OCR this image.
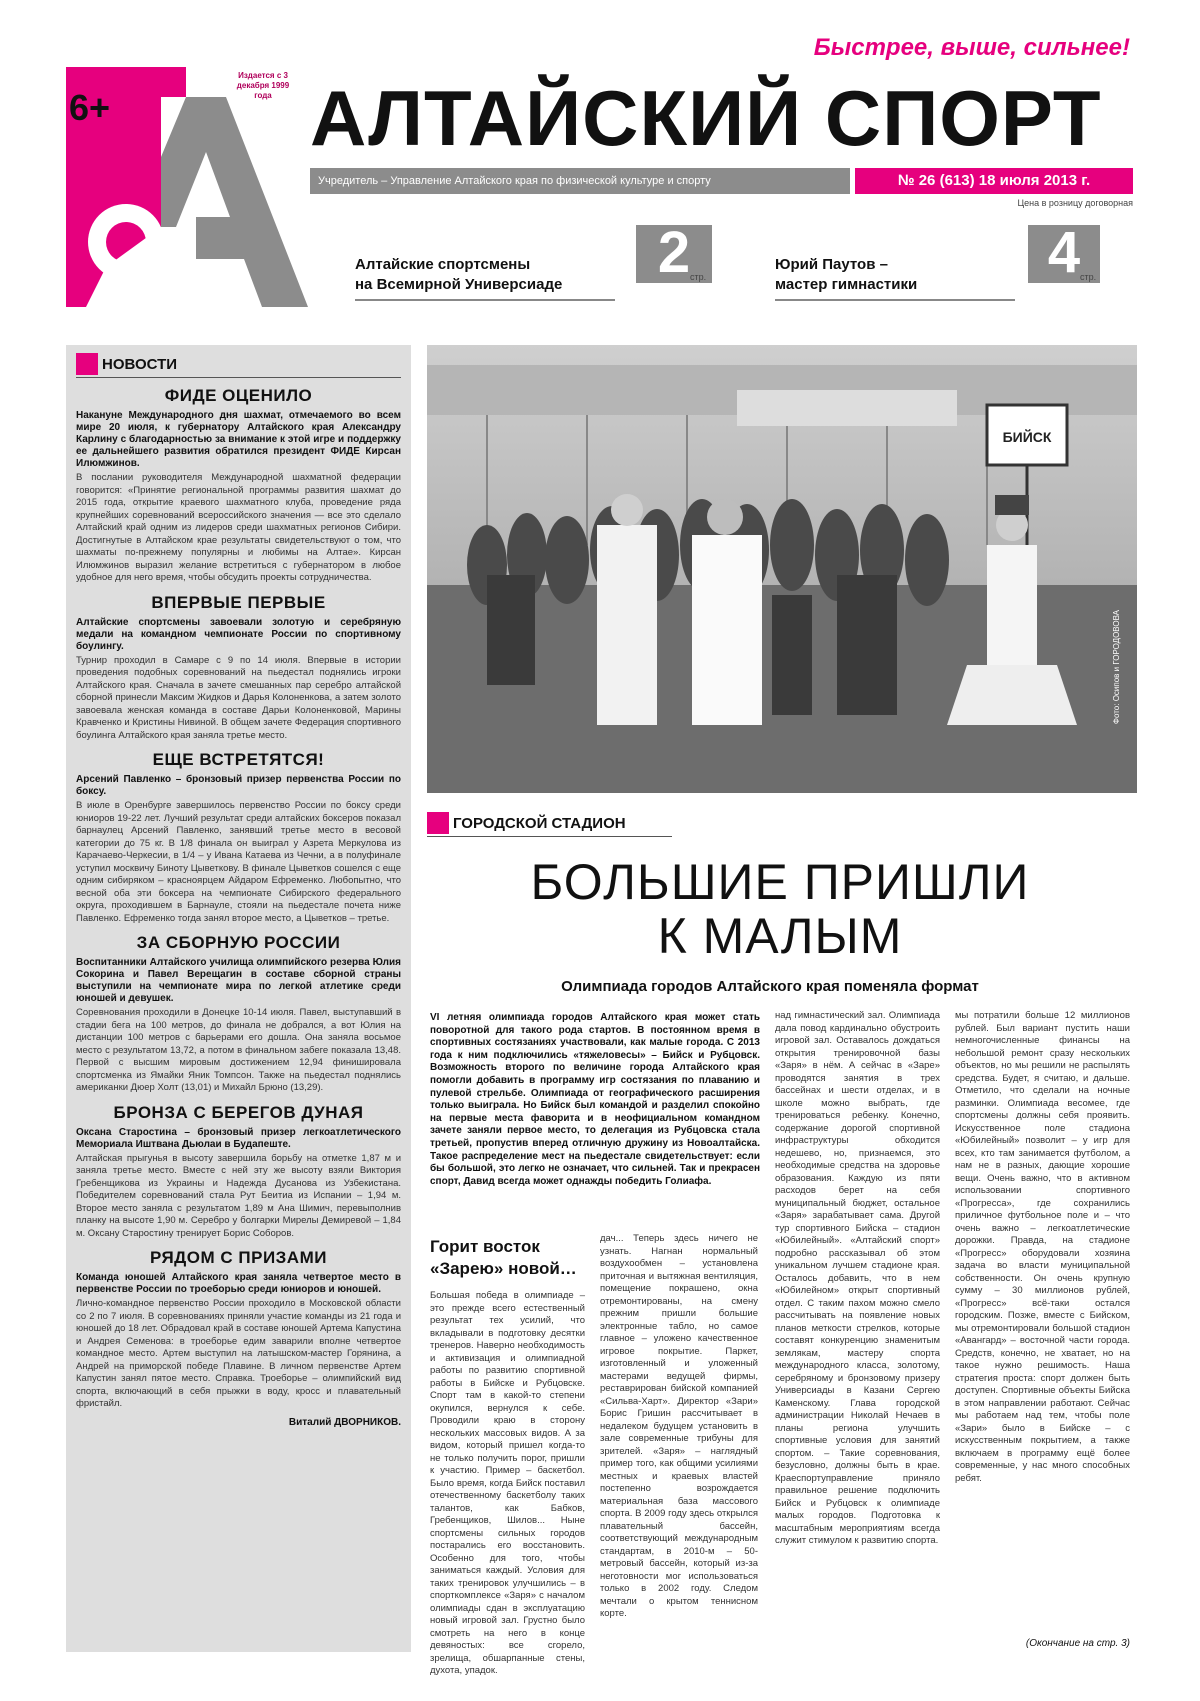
6+
Издается с 3 декабря 1999 года
Быстрее, выше, сильнее!
АЛТАЙСКИЙ СПОРТ
Учредитель – Управление Алтайского края по физической культуре и спорту	№ 26 (613) 18 июля 2013 г.
Цена в розницу договорная
Алтайские спортсмены
на Всемирной Универсиаде	2 стр.
Юрий Паутов –
мастер гимнастики	4 стр.
НОВОСТИ
ФИДЕ ОЦЕНИЛО
Накануне Международного дня шахмат, отмечаемого во всем мире 20 июля, к губернатору Алтайского края Александру Карлину с благодарностью за внимание к этой игре и поддержку ее дальнейшего развития обратился президент ФИДЕ Кирсан Илюмжинов.
В послании руководителя Международной шахматной федерации говорится: «Принятие региональной программы развития шахмат до 2015 года, открытие краевого шахматного клуба, проведение ряда крупнейших соревнований всероссийского значения — все это сделало Алтайский край одним из лидеров среди шахматных регионов Сибири. Достигнутые в Алтайском крае результаты свидетельствуют о том, что шахматы по-прежнему популярны и любимы на Алтае». Кирсан Илюмжинов выразил желание встретиться с губернатором в любое удобное для него время, чтобы обсудить проекты сотрудничества.
ВПЕРВЫЕ ПЕРВЫЕ
Алтайские спортсмены завоевали золотую и серебряную медали на командном чемпионате России по спортивному боулингу.
Турнир проходил в Самаре с 9 по 14 июля. Впервые в истории проведения подобных соревнований на пьедестал поднялись игроки Алтайского края. Сначала в зачете смешанных пар серебро алтайской сборной принесли Максим Жидков и Дарья Колоненкова, а затем золото завоевала женская команда в составе Дарьи Колоненковой, Марины Кравченко и Кристины Нивиной. В общем зачете Федерация спортивного боулинга Алтайского края заняла третье место.
ЕЩЕ ВСТРЕТЯТСЯ!
Арсений Павленко – бронзовый призер первенства России по боксу.
В июле в Оренбурге завершилось первенство России по боксу среди юниоров 19-22 лет. Лучший результат среди алтайских боксеров показал барнаулец Арсений Павленко, занявший третье место в весовой категории до 75 кг. В 1/8 финала он выиграл у Азрета Меркулова из Карачаево-Черкесии, в 1/4 – у Ивана Катаева из Чечни, а в полуфинале уступил москвичу Биноту Цыветкову. В финале Цыветков сошелся с еще одним сибиряком – красноярцем Айдаром Ефременко. Любопытно, что весной оба эти боксера на чемпионате Сибирского федерального округа, проходившем в Барнауле, стояли на пьедестале почета ниже Павленко. Ефременко тогда занял второе место, а Цыветков – третье.
ЗА СБОРНУЮ РОССИИ
Воспитанники Алтайского училища олимпийского резерва Юлия Сокорина и Павел Верещагин в составе сборной страны выступили на чемпионате мира по легкой атлетике среди юношей и девушек.
Соревнования проходили в Донецке 10-14 июля. Павел, выступавший в стадии бега на 100 метров, до финала не добрался, а вот Юлия на дистанции 100 метров с барьерами его дошла. Она заняла восьмое место с результатом 13,72, а потом в финальном забеге показала 13,48. Первой с высшим мировым достижением 12,94 финишировала спортсменка из Ямайки Яник Томпсон. Также на пьедестал поднялись американки Дюер Холт (13,01) и Михайл Брюно (13,29).
БРОНЗА С БЕРЕГОВ ДУНАЯ
Оксана Старостина – бронзовый призер легкоатлетического Мемориала Иштвана Дьюлаи в Будапеште.
Алтайская прыгунья в высоту завершила борьбу на отметке 1,87 м и заняла третье место. Вместе с ней эту же высоту взяли Виктория Гребенщикова из Украины и Надежда Дусанова из Узбекистана. Победителем соревнований стала Рут Беитиа из Испании – 1,94 м. Второе место заняла с результатом 1,89 м Ана Шимич, перевыполнив планку на высоте 1,90 м. Серебро у болгарки Мирелы Демиревой – 1,84 м. Оксану Старостину тренирует Борис Соборов.
РЯДОМ С ПРИЗАМИ
Команда юношей Алтайского края заняла четвертое место в первенстве России по троеборью среди юниоров и юношей.
Лично-командное первенство России проходило в Московской области со 2 по 7 июля. В соревнованиях приняли участие команды из 21 года и юношей до 18 лет. Обрадовал край в составе юношей Артема Капустина и Андрея Семенова: в троеборье едим заварили вполне четвертое командное место. Артем выступил на латышском-мастер Горянина, а Андрей на приморской победе Плавине. В личном первенстве Артем Капустин занял пятое место. Справка. Троеборье – олимпийский вид спорта, включающий в себя прыжки в воду, кросс и плавательный фристайл.
Виталий ДВОРНИКОВ.
БИЙСК
Фото: Осипов и ГОРОДОВОВА
ГОРОДСКОЙ СТАДИОН
БОЛЬШИЕ ПРИШЛИ
К МАЛЫМ
Олимпиада городов Алтайского края поменяла формат
VI летняя олимпиада городов Алтайского края может стать поворотной для такого рода стартов. В постоянном время в спортивных состязаниях участвовали, как малые города. С 2013 года к ним подключились «тяжеловесы» – Бийск и Рубцовск. Возможность второго по величине города Алтайского края помогли добавить в программу игр состязания по плаванию и пулевой стрельбе. Олимпиада от географического расширения только выиграла. Но Бийск был командой и разделил спокойно на первые места фаворита и в неофициальном командном зачете заняли первое место, то делегация из Рубцовска стала третьей, пропустив вперед отличную дружину из Новоалтайска. Такое распределение мест на пьедестале свидетельствует: если бы большой, это легко не означает, что сильней. Так и прекрасен спорт, Давид всегда может однажды победить Голиафа.
Горит восток «Зарею» новой…
Большая победа в олимпиаде – это прежде всего естественный результат тех усилий, что вкладывали в подготовку десятки тренеров. Наверно необходимость и активизация и олимпиадной работы по развитию спортивной работы в Бийске и Рубцовске. Спорт там в какой-то степени окупился, вернулся к себе. Проводили краю в сторону нескольких массовых видов. А за видом, который пришел когда-то не только получить порог, пришли к участию. Пример – баскетбол. Было время, когда Бийск поставил отечественному баскетболу таких талантов, как Бабков, Гребенщиков, Шилов... Ныне спортсмены сильных городов постарались его восстановить. Особенно для того, чтобы заниматься каждый. Условия для таких тренировок улучшились – в спорткомплексе «Заря» с началом олимпиады сдан в эксплуатацию новый игровой зал. Грустно было смотреть на него в конце девяностых: все сгорело, зрелища, обшарпанные стены, духота, упадок.
дач... Теперь здесь ничего не узнать. Нагнан нормальный воздухообмен – установлена приточная и вытяжная вентиляция, помещение покрашено, окна отремонтированы, на смену прежним пришли большие электронные табло, но самое главное – уложено качественное игровое покрытие. Паркет, изготовленный и уложенный мастерами ведущей фирмы, реставрирован бийской компанией «Сильва-Харт». Директор «Зари» Борис Гришин рассчитывает в недалеком будущем установить в зале современные трибуны для зрителей. «Заря» – наглядный пример того, как общими усилиями местных и краевых властей постепенно возрождается материальная база массового спорта. В 2009 году здесь открылся плавательный бассейн, соответствующий международным стандартам, в 2010-м – 50-метровый бассейн, который из-за неготовности мог использоваться только в 2002 году. Следом мечтали о крытом теннисном корте.
над гимнастический зал. Олимпиада дала повод кардинально обустроить игровой зал. Оставалось дождаться открытия тренировочной базы «Заря» в нём. А сейчас в «Заре» проводятся занятия в трех бассейнах и шести отделах, и в школе можно выбрать, где тренироваться ребенку. Конечно, содержание дорогой спортивной инфраструктуры обходится недешево, но, признаемся, это необходимые средства на здоровье образования. Каждую из пяти расходов берет на себя муниципальный бюджет, остальное «Заря» зарабатывает сама. Другой тур спортивного Бийска – стадион «Юбилейный». «Алтайский спорт» подробно рассказывал об этом уникальном лучшем стадионе края. Осталось добавить, что в нем «Юбилейном» открыт спортивный отдел. С таким пахом можно смело рассчитывать на появление новых планов меткости стрелков, которые составят конкуренцию знаменитым землякам, мастеру спорта международного класса, золотому, серебряному и бронзовому призеру Универсиады в Казани Сергею Каменскому. Глава городской администрации Николай Нечаев в планы региона улучшить спортивные условия для занятий спортом. – Такие соревнования, безусловно, должны быть в крае. Краеспортуправление приняло правильное решение подключить Бийск и Рубцовск к олимпиаде малых городов. Подготовка к масштабным мероприятиям всегда служит стимулом к развитию спорта.
мы потратили больше 12 миллионов рублей. Был вариант пустить наши немногочисленные финансы на небольшой ремонт сразу нескольких объектов, но мы решили не распылять средства. Будет, я считаю, и дальше. Отметило, что сделали на ночные разминки. Олимпиада весомее, где спортсмены должны себя проявить. Искусственное поле стадиона «Юбилейный» позволит – у игр для всех, кто там занимается футболом, а нам не в разных, дающие хорошие вещи. Очень важно, что в активном использовании спортивного «Прогресса», где сохранились приличное футбольное поле и – что очень важно – легкоатлетические дорожки. Правда, на стадионе «Прогресс» оборудовали хозяина задача во власти муниципальной собственности. Он очень крупную сумму – 30 миллионов рублей, «Прогресс» всё-таки остался городским. Позже, вместе с Бийском, мы отремонтировали большой стадион «Авангард» – восточной части города. Средств, конечно, не хватает, но на такое нужно решимость. Наша стратегия проста: спорт должен быть доступен. Спортивные объекты Бийска в этом направлении работают. Сейчас мы работаем над тем, чтобы поле «Зари» было в Бийске – с искусственным покрытием, а также включаем в программу ещё более современные, у нас много способных ребят.
(Окончание на стр. 3)
